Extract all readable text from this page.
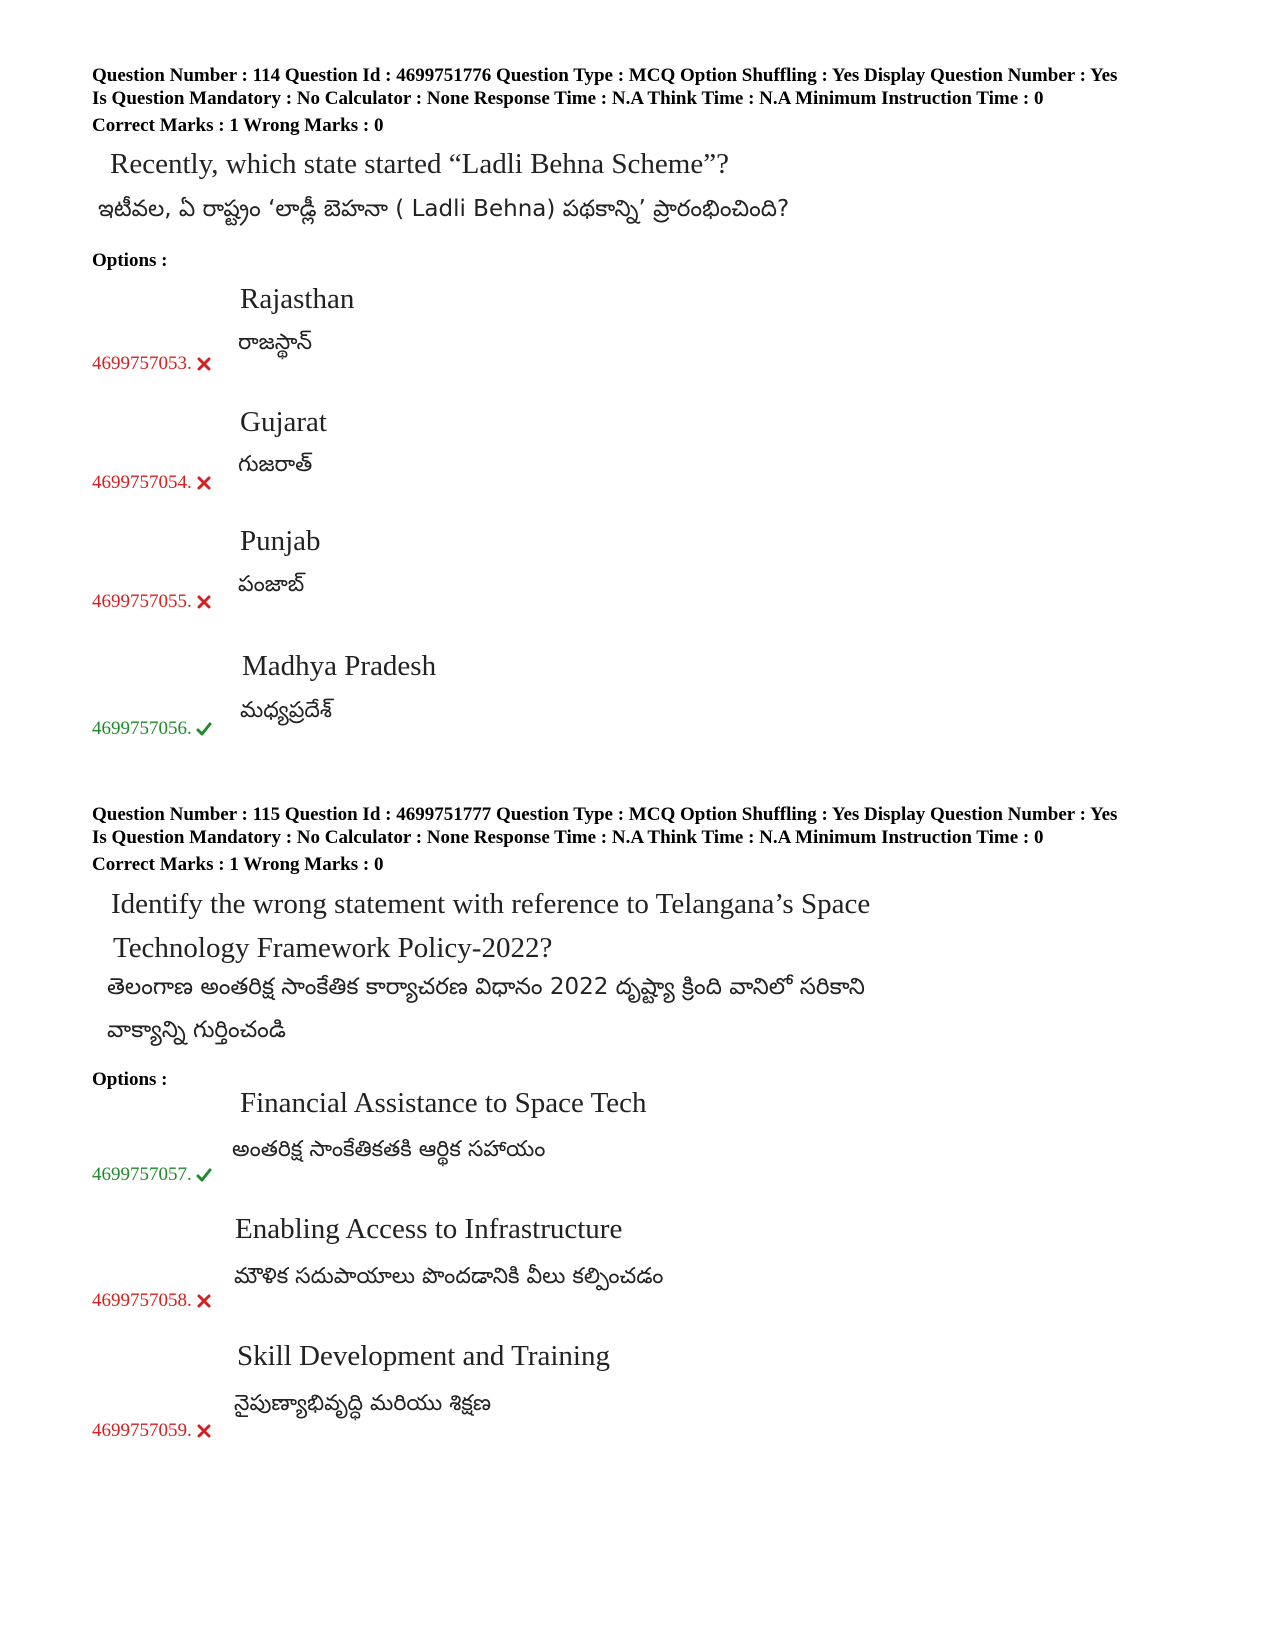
Question Number : 114 Question Id : 4699751776 Question Type : MCQ Option Shuffling : Yes Display Question Number : Yes
Is Question Mandatory : No Calculator : None Response Time : N.A Think Time : N.A Minimum Instruction Time : 0
Correct Marks : 1 Wrong Marks : 0
Recently, which state started “Ladli Behna Scheme”?
ఇటీవల, ఏ రాష్ట్రం ‘లాడ్లీ బెహనా ( Ladli Behna) పథకాన్ని’ ప్రారంభించింది?
Options :
Rajasthan
రాజస్థాన్
4699757053.
Gujarat
గుజరాత్
4699757054.
Punjab
పంజాబ్
4699757055.
Madhya Pradesh
మధ్యప్రదేశ్
4699757056.
Question Number : 115 Question Id : 4699751777 Question Type : MCQ Option Shuffling : Yes Display Question Number : Yes
Is Question Mandatory : No Calculator : None Response Time : N.A Think Time : N.A Minimum Instruction Time : 0
Correct Marks : 1 Wrong Marks : 0
Identify the wrong statement with reference to Telangana’s Space
Technology Framework Policy-2022?
తెలంగాణ అంతరిక్ష సాంకేతిక కార్యాచరణ విధానం 2022 దృష్ట్యా క్రింది వానిలో సరికాని
వాక్యాన్ని గుర్తించండి
Options :
Financial Assistance to Space Tech
అంతరిక్ష సాంకేతికతకి ఆర్థిక సహాయం
4699757057.
Enabling Access to Infrastructure
మౌళిక సదుపాయాలు పొందడానికి వీలు కల్పించడం
4699757058.
Skill Development and Training
నైపుణ్యాభివృద్ధి మరియు శిక్షణ
4699757059.
